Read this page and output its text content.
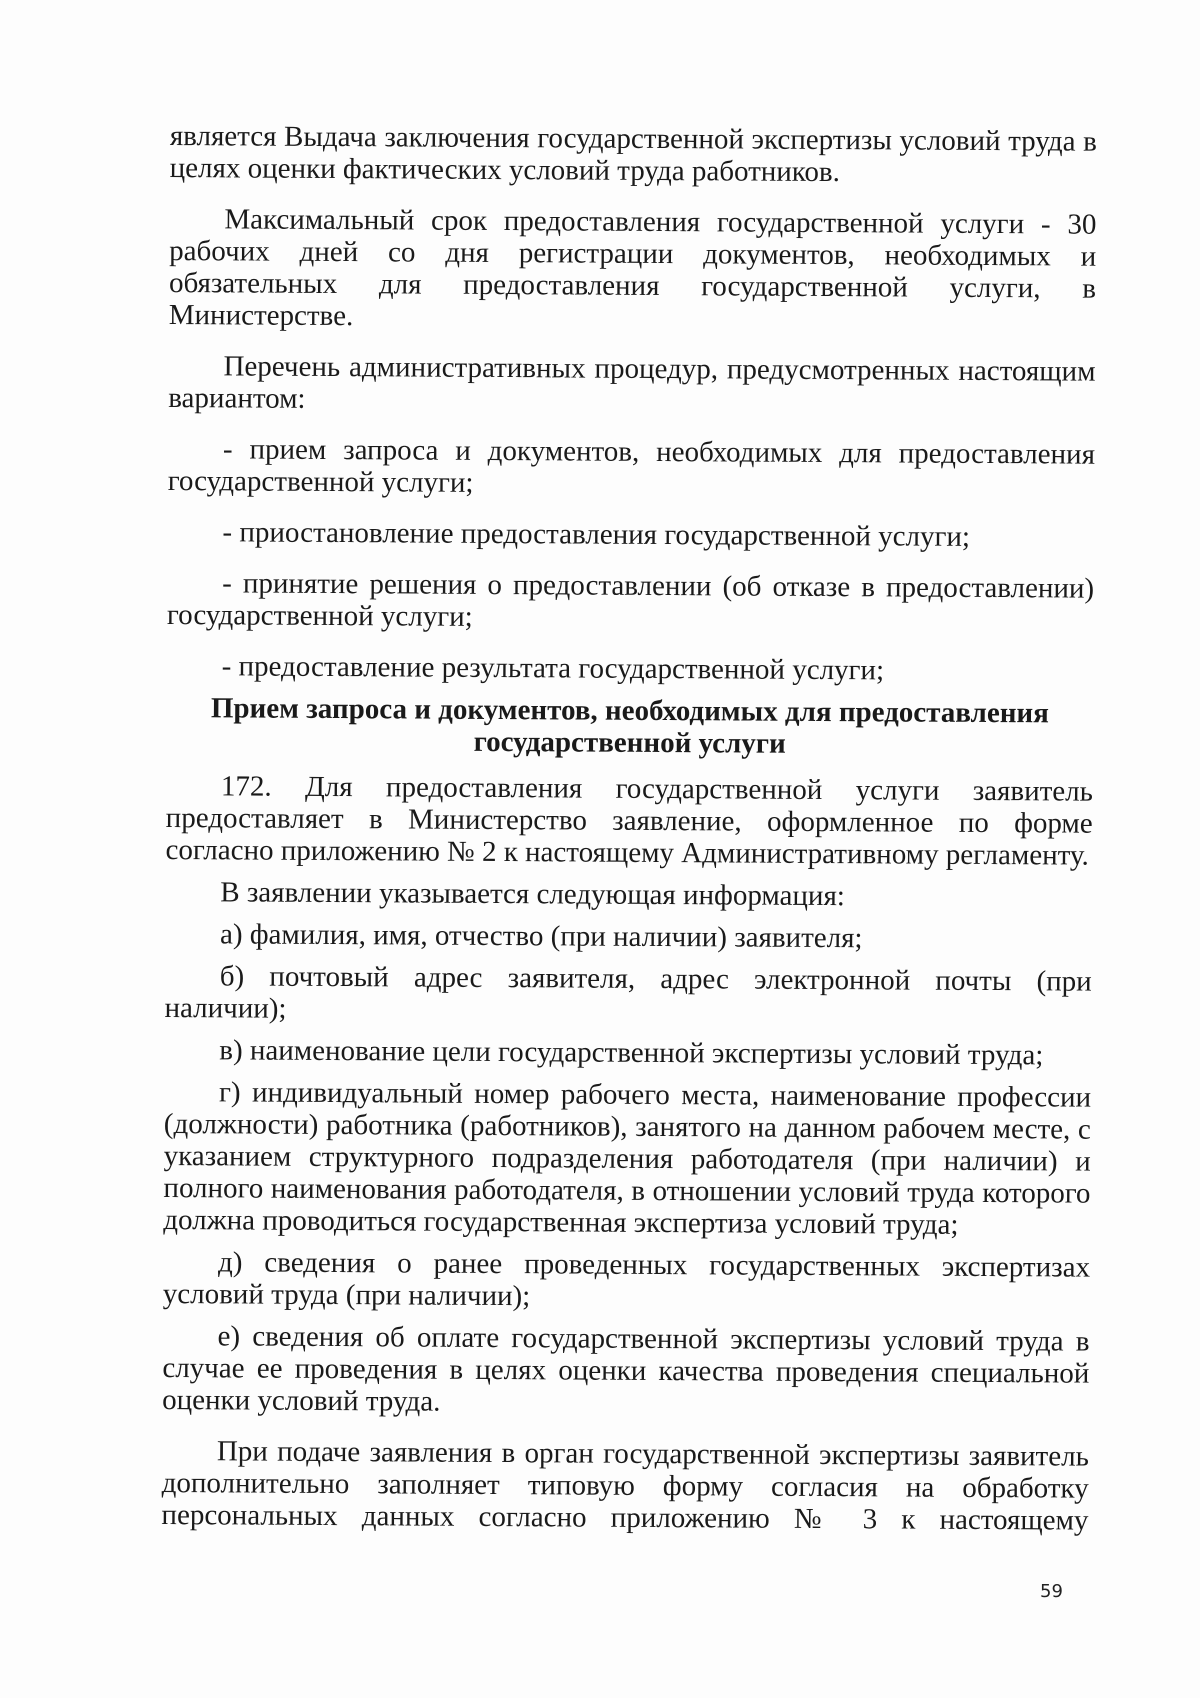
является Выдача заключения государственной экспертизы условий труда в целях оценки фактических условий труда работников.

Максимальный срок предоставления государственной услуги - 30 рабочих дней со дня регистрации документов, необходимых и обязательных для предоставления государственной услуги, в Министерстве.

Перечень административных процедур, предусмотренных настоящим вариантом:

- прием запроса и документов, необходимых для предоставления государственной услуги;

- приостановление предоставления государственной услуги;

- принятие решения о предоставлении (об отказе в предоставлении) государственной услуги;

- предоставление результата государственной услуги;

Прием запроса и документов, необходимых для предоставления государственной услуги

172. Для предоставления государственной услуги заявитель предоставляет в Министерство заявление, оформленное по форме согласно приложению № 2 к настоящему Административному регламенту.

В заявлении указывается следующая информация:

а) фамилия, имя, отчество (при наличии) заявителя;

б) почтовый адрес заявителя, адрес электронной почты (при наличии);

в) наименование цели государственной экспертизы условий труда;

г) индивидуальный номер рабочего места, наименование профессии (должности) работника (работников), занятого на данном рабочем месте, с указанием структурного подразделения работодателя (при наличии) и полного наименования работодателя, в отношении условий труда которого должна проводиться государственная экспертиза условий труда;

д) сведения о ранее проведенных государственных экспертизах условий труда (при наличии);

е) сведения об оплате государственной экспертизы условий труда в случае ее проведения в целях оценки качества проведения специальной оценки условий труда.

При подаче заявления в орган государственной экспертизы заявитель дополнительно заполняет типовую форму согласия на обработку персональных данных согласно приложению № 3 к настоящему

59
